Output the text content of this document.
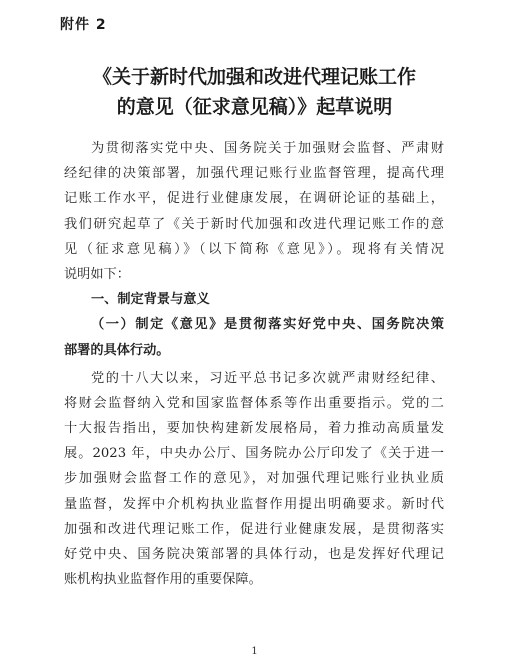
附件 2
《关于新时代加强和改进代理记账工作
的意见（征求意见稿）》起草说明
为贯彻落实党中央、国务院关于加强财会监督、严肃财
经纪律的决策部署，加强代理记账行业监督管理，提高代理
记账工作水平，促进行业健康发展，在调研论证的基础上，
我们研究起草了《关于新时代加强和改进代理记账工作的意
见（征求意见稿）》（以下简称《意见》）。现将有关情况
说明如下：
一、制定背景与意义
（一）制定《意见》是贯彻落实好党中央、国务院决策
部署的具体行动。
党的十八大以来，习近平总书记多次就严肃财经纪律、
将财会监督纳入党和国家监督体系等作出重要指示。党的二
十大报告指出，要加快构建新发展格局，着力推动高质量发
展。2023 年，中央办公厅、国务院办公厅印发了《关于进一
步加强财会监督工作的意见》，对加强代理记账行业执业质
量监督，发挥中介机构执业监督作用提出明确要求。新时代
加强和改进代理记账工作，促进行业健康发展，是贯彻落实
好党中央、国务院决策部署的具体行动，也是发挥好代理记
账机构执业监督作用的重要保障。
1
